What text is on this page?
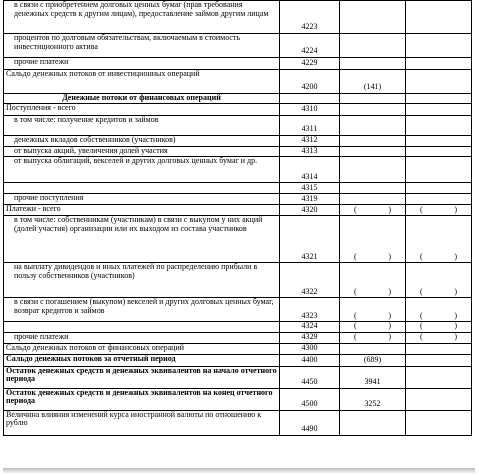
в связи с приобретением долговых ценных бумаг (прав требования денежных средств к другим лицам), предоставление займов другим лицам	4223		
процентов по долговым обязательствам, включаемым в стоимость инвестиционного актива	4224		
прочие платежи	4229		
Сальдо денежных потоков от инвестиционных операций	4200	(141)	
Денежные потоки от финансовых операций			
Поступления - всего	4310		
в том числе: получение кредитов и займов	4311		
денежных вкладов собственников (участников)	4312		
от выпуска акций, увеличения долей участия	4313		
от выпуска облигаций, векселей и других долговых ценных бумаг и др.	4314		
	4315		
прочие поступления	4319		
Платежи - всего	4320	( )	( )

в том числе: собственникам (участникам) в связи с выкупом у них акций (долей участия) организации или их выходом из состава участников	4321	( )	( )

на выплату дивидендов и иных платежей по распределению прибыли в пользу собственников (участников)	4322	( )	( )

в связи с погашением (выкупом) векселей и других долговых ценных бумаг, возврат кредитов и займов	4323	( )	( )

	4324	( )	( )

прочие платежи	4329	( )	( )

Сальдо денежных потоков от финансовых операций	4300		
Сальдо денежных потоков за отчетный период	4400	(689)	
Остаток денежных средств и денежных эквивалентов на начало отчетного периода	4450	3941	
Остаток денежных средств и денежных эквивалентов на конец отчетного периода	4500	3252	
Величина влияния изменений курса иностранной валюты по отношению к рублю	4490		
